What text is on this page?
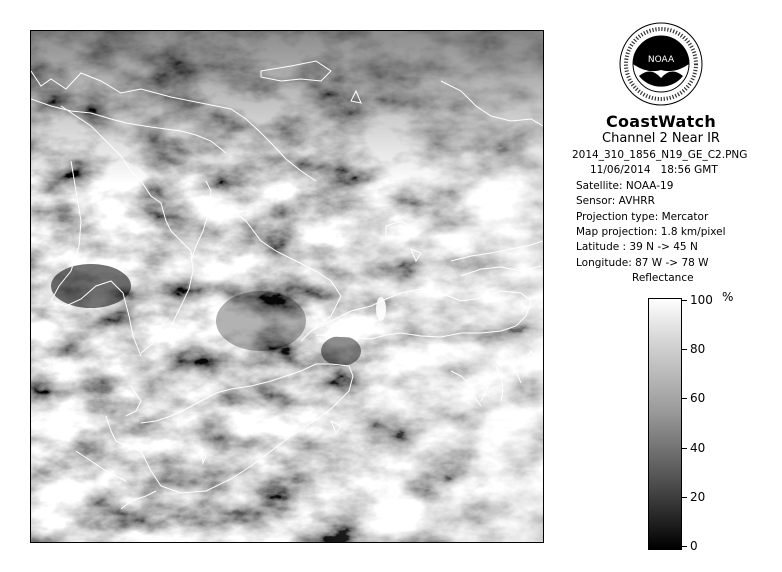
NOAA
CoastWatch
Channel 2 Near IR
2014_310_1856_N19_GE_C2.PNG
11/06/2014 18:56 GMT
Satellite: NOAA-19
Sensor: AVHRR
Projection type: Mercator
Map projection: 1.8 km/pixel
Latitude : 39 N -> 45 N
Longitude: 87 W -> 78 W
Reflectance
%
100
80
60
40
20
0
